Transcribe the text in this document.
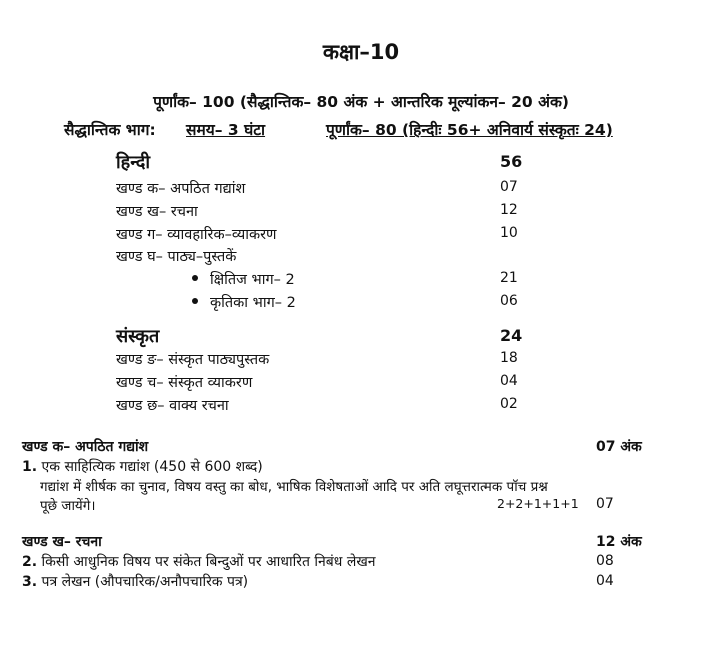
कक्षा–10
पूर्णांक– 100 (सैद्धान्तिक– 80 अंक + आन्तरिक मूल्यांकन– 20 अंक)
सैद्धान्तिक भाग: समय– 3 घंटा	पूर्णांक– 80 (हिन्दीः 56+ अनिवार्य संस्कृतः 24)
हिन्दी	56
खण्ड क– अपठित गद्यांश	07
खण्ड ख– रचना	12
खण्ड ग– व्यावहारिक–व्याकरण	10
खण्ड घ– पाठ्य–पुस्तकें
क्षितिज भाग– 2	21
कृतिका भाग– 2	06
संस्कृत	24
खण्ड ङ– संस्कृत पाठ्यपुस्तक	18
खण्ड च– संस्कृत व्याकरण	04
खण्ड छ– वाक्य रचना	02
खण्ड क– अपठित गद्यांश	07 अंक
1. एक साहित्यिक गद्यांश (450 से 600 शब्द)
गद्यांश में शीर्षक का चुनाव, विषय वस्तु का बोध, भाषिक विशेषताओं आदि पर अति लघूत्तरात्मक पॉच प्रश्न
पूछे जायेंगे।	2+2+1+1+1 07
खण्ड ख– रचना	12 अंक
2. किसी आधुनिक विषय पर संकेत बिन्दुओं पर आधारित निबंध लेखन	08
3. पत्र लेखन (औपचारिक/अनौपचारिक पत्र)	04
